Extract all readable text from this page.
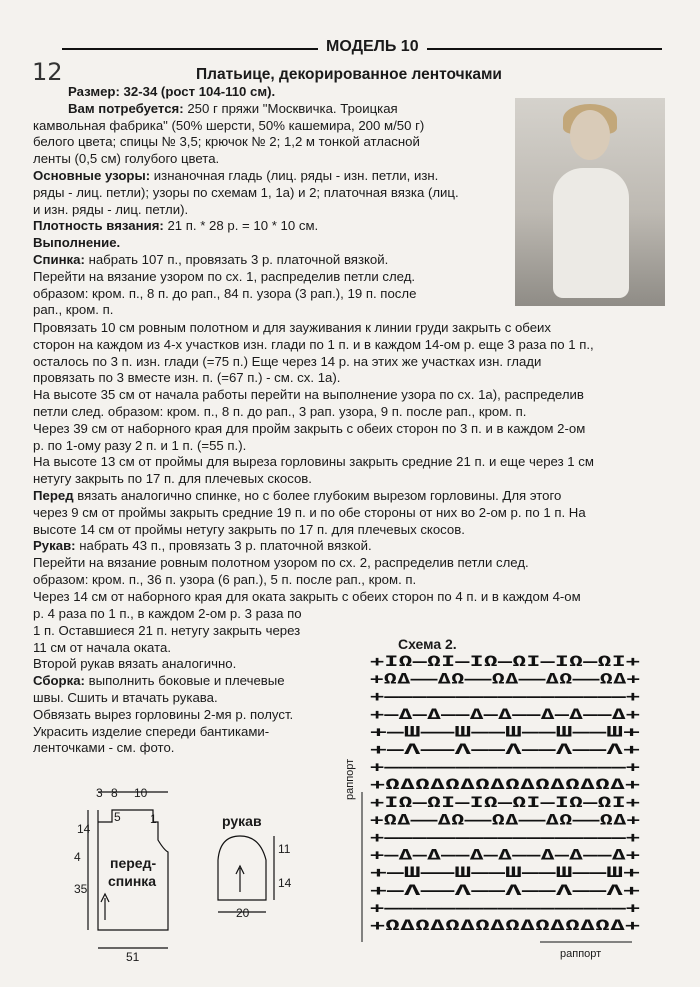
МОДЕЛЬ 10
12	Платьице, декорированное ленточками

Размер: 32-34 (рост 104-110 см).

Вам потребуется: 250 г пряжи "Москвичка. Троицкая

камвольная фабрика" (50% шерсти, 50% кашемира, 200 м/50 г)

белого цвета; спицы № 3,5; крючок № 2; 1,2 м тонкой атласной

ленты (0,5 см) голубого цвета.

Основные узоры: изнаночная гладь (лиц. ряды - изн. петли, изн.

ряды - лиц. петли); узоры по схемам 1, 1а) и 2; платочная вязка (лиц.

и изн. ряды - лиц. петли).

Плотность вязания: 21 п. * 28 р. = 10 * 10 см.

Выполнение.

Спинка: набрать 107 п., провязать 3 р. платочной вязкой.

Перейти на вязание узором по сх. 1, распределив петли след.

образом: кром. п., 8 п. до рап., 84 п. узора (3 рап.), 19 п. после

рап., кром. п.

Провязать 10 см ровным полотном и для зауживания к линии груди закрыть с обеих

сторон на каждом из 4-х участков изн. глади по 1 п. и в каждом 14-ом р. еще 3 раза по 1 п.,

осталось по 3 п. изн. глади (=75 п.) Еще через 14 р. на этих же участках изн. глади

провязать по 3 вместе изн. п. (=67 п.) - см. сх. 1а).

На высоте 35 см от начала работы перейти на выполнение узора по сх. 1а), распределив

петли след. образом: кром. п., 8 п. до рап., 3 рап. узора, 9 п. после рап., кром. п.

Через 39 см от наборного края для пройм закрыть с обеих сторон по 3 п. и в каждом 2-ом

р. по 1-ому разу 2 п. и 1 п. (=55 п.).

На высоте 13 см от проймы для выреза горловины закрыть средние 21 п. и еще через 1 см

нетугу закрыть по 17 п. для плечевых скосов.

Перед вязать аналогично спинке, но с более глубоким вырезом горловины. Для этого

через 9 см от проймы закрыть средние 19 п. и по обе стороны от них во 2-ом р. по 1 п. На

высоте 14 см от проймы нетугу закрыть по 17 п. для плечевых скосов.

Рукав: набрать 43 п., провязать 3 р. платочной вязкой.

Перейти на вязание ровным полотном узором по сх. 2, распределив петли след.

образом: кром. п., 36 п. узора (6 рап.), 5 п. после рап., кром. п.

Через 14 см от наборного края для оката закрыть с обеих сторон по 4 п. и в каждом 4-ом

р. 4 раза по 1 п., в каждом 2-ом р. 3 раза по

1 п. Оставшиеся 21 п. нетугу закрыть через

11 см от начала оката.

Второй рукав вязать аналогично.

Сборка: выполнить боковые и плечевые

швы. Сшить и втачать рукава.

Обвязать вырез горловины 2-мя р. полуст.

Украсить изделие спереди бантиками-

ленточками - см. фото.

Схема 2.
+ІΩ—ΩІ—ІΩ—ΩІ—ІΩ—ΩІ+
+ΩΔ——ΔΩ——ΩΔ——ΔΩ——ΩΔ+
+—————————————————+
+—Δ—Δ——Δ—Δ——Δ—Δ——Δ+
+—Ш——Ш——Ш——Ш——Ш+
+—Λ——Λ——Λ——Λ——Λ+
+—————————————————+
+ΩΔΩΔΩΔΩΔΩΔΩΔΩΔΩΔ+
+ІΩ—ΩІ—ІΩ—ΩІ—ІΩ—ΩІ+
+ΩΔ——ΔΩ——ΩΔ——ΔΩ——ΩΔ+
+—————————————————+
+—Δ—Δ——Δ—Δ——Δ—Δ——Δ+
+—Ш——Ш——Ш——Ш——Ш+
+—Λ——Λ——Λ——Λ——Λ+
+—————————————————+
+ΩΔΩΔΩΔΩΔΩΔΩΔΩΔΩΔ+
раппорт
раппорт
3 8 10
5 1
14
4
35
51
перед-
спинка
рукав
11
14
20
